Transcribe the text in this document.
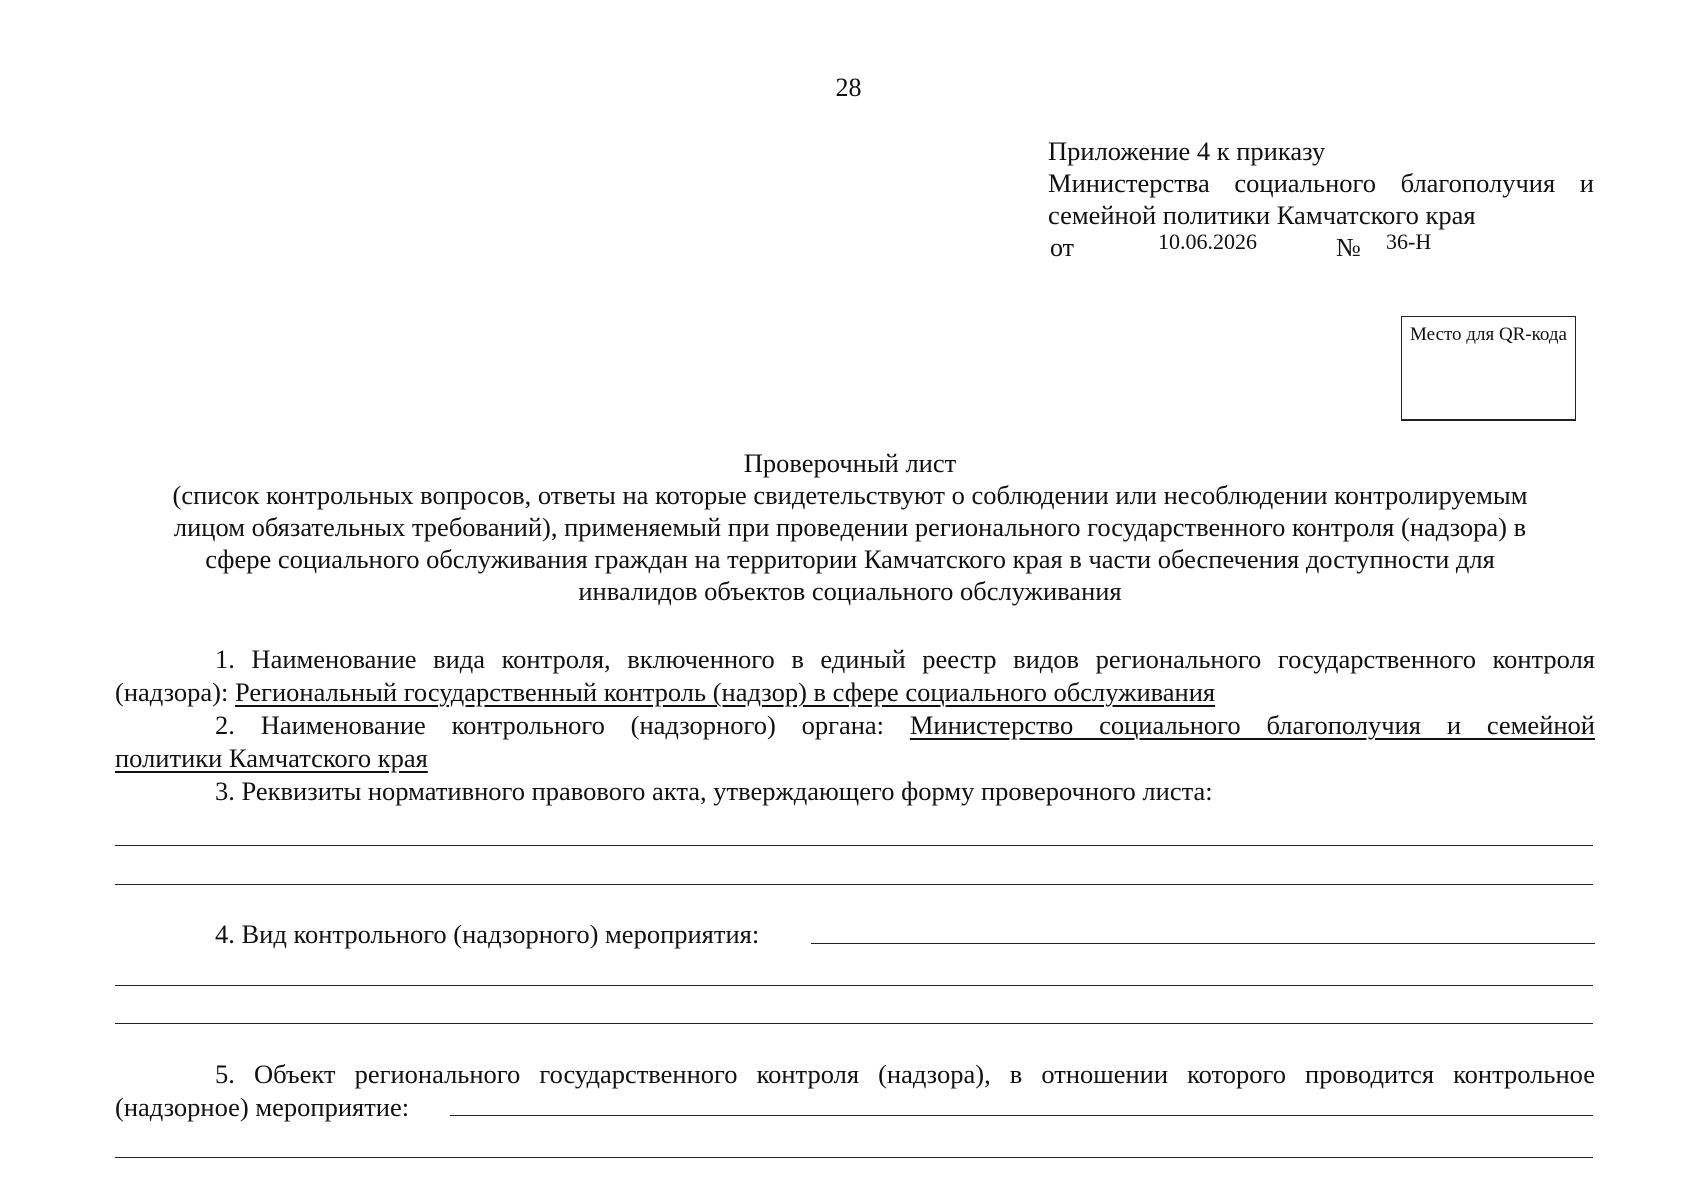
28
Приложение 4 к приказу
Министерства социального благополучия и
семейной политики Камчатского края
от	10.06.2026	№ 36-Н
Место для QR-кода
Проверочный лист
(список контрольных вопросов, ответы на которые свидетельствуют о соблюдении или несоблюдении контролируемым
лицом обязательных требований), применяемый при проведении регионального государственного контроля (надзора) в
сфере социального обслуживания граждан на территории Камчатского края в части обеспечения доступности для
инвалидов объектов социального обслуживания
1. Наименование вида контроля, включенного в единый реестр видов регионального государственного контроля
(надзора): Региональный государственный контроль (надзор) в сфере социального обслуживания
2. Наименование контрольного (надзорного) органа: Министерство социального благополучия и семейной
политики Камчатского края
3. Реквизиты нормативного правового акта, утверждающего форму проверочного листа:
4. Вид контрольного (надзорного) мероприятия:
5. Объект регионального государственного контроля (надзора), в отношении которого проводится контрольное
(надзорное) мероприятие:
